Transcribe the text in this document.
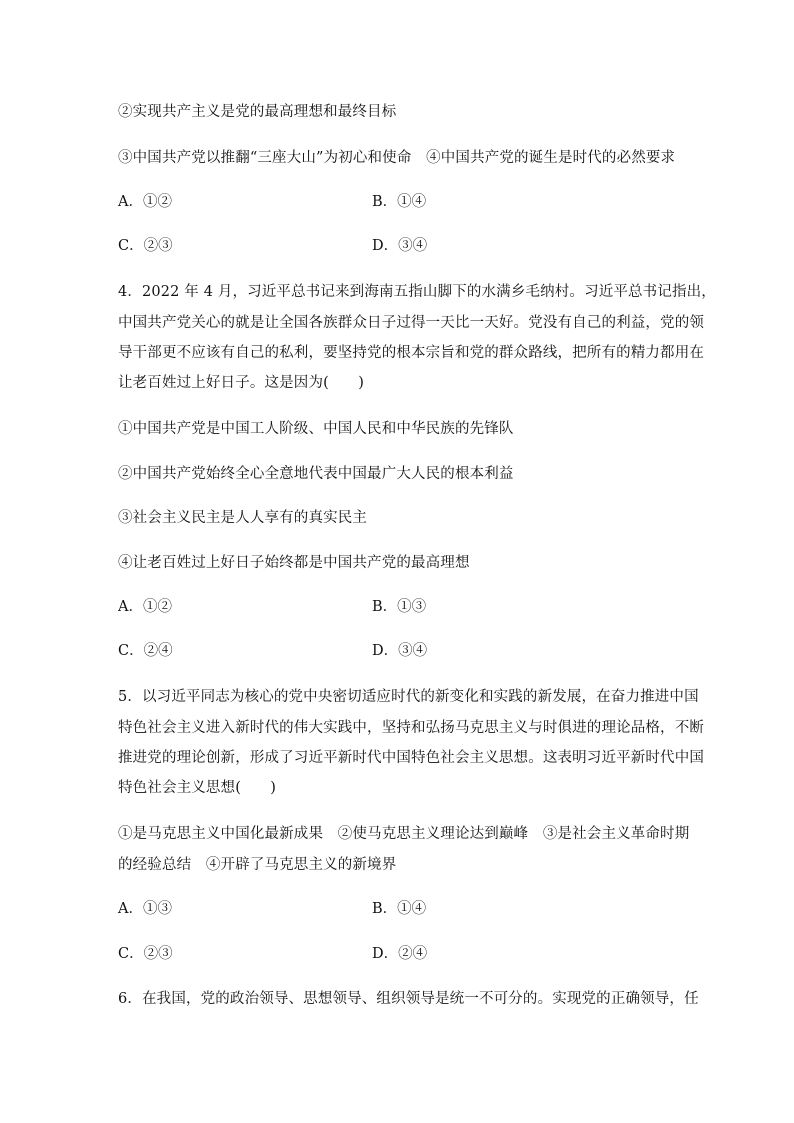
②实现共产主义是党的最高理想和最终目标
③中国共产党以推翻“三座大山”为初心和使命　④中国共产党的诞生是时代的必然要求
A．①②	B．①④
C．②③	D．③④
4．2022 年 4 月，习近平总书记来到海南五指山脚下的水满乡毛纳村。习近平总书记指出，
中国共产党关心的就是让全国各族群众日子过得一天比一天好。党没有自己的利益，党的领
导干部更不应该有自己的私利，要坚持党的根本宗旨和党的群众路线，把所有的精力都用在
让老百姓过上好日子。这是因为(　　)
①中国共产党是中国工人阶级、中国人民和中华民族的先锋队
②中国共产党始终全心全意地代表中国最广大人民的根本利益
③社会主义民主是人人享有的真实民主
④让老百姓过上好日子始终都是中国共产党的最高理想
A．①②	B．①③
C．②④	D．③④
5．以习近平同志为核心的党中央密切适应时代的新变化和实践的新发展，在奋力推进中国
特色社会主义进入新时代的伟大实践中，坚持和弘扬马克思主义与时俱进的理论品格，不断
推进党的理论创新，形成了习近平新时代中国特色社会主义思想。这表明习近平新时代中国
特色社会主义思想(　　)
①是马克思主义中国化最新成果　②使马克思主义理论达到巅峰　③是社会主义革命时期
的经验总结　④开辟了马克思主义的新境界
A．①③	B．①④
C．②③	D．②④
6．在我国，党的政治领导、思想领导、组织领导是统一不可分的。实现党的正确领导，任
